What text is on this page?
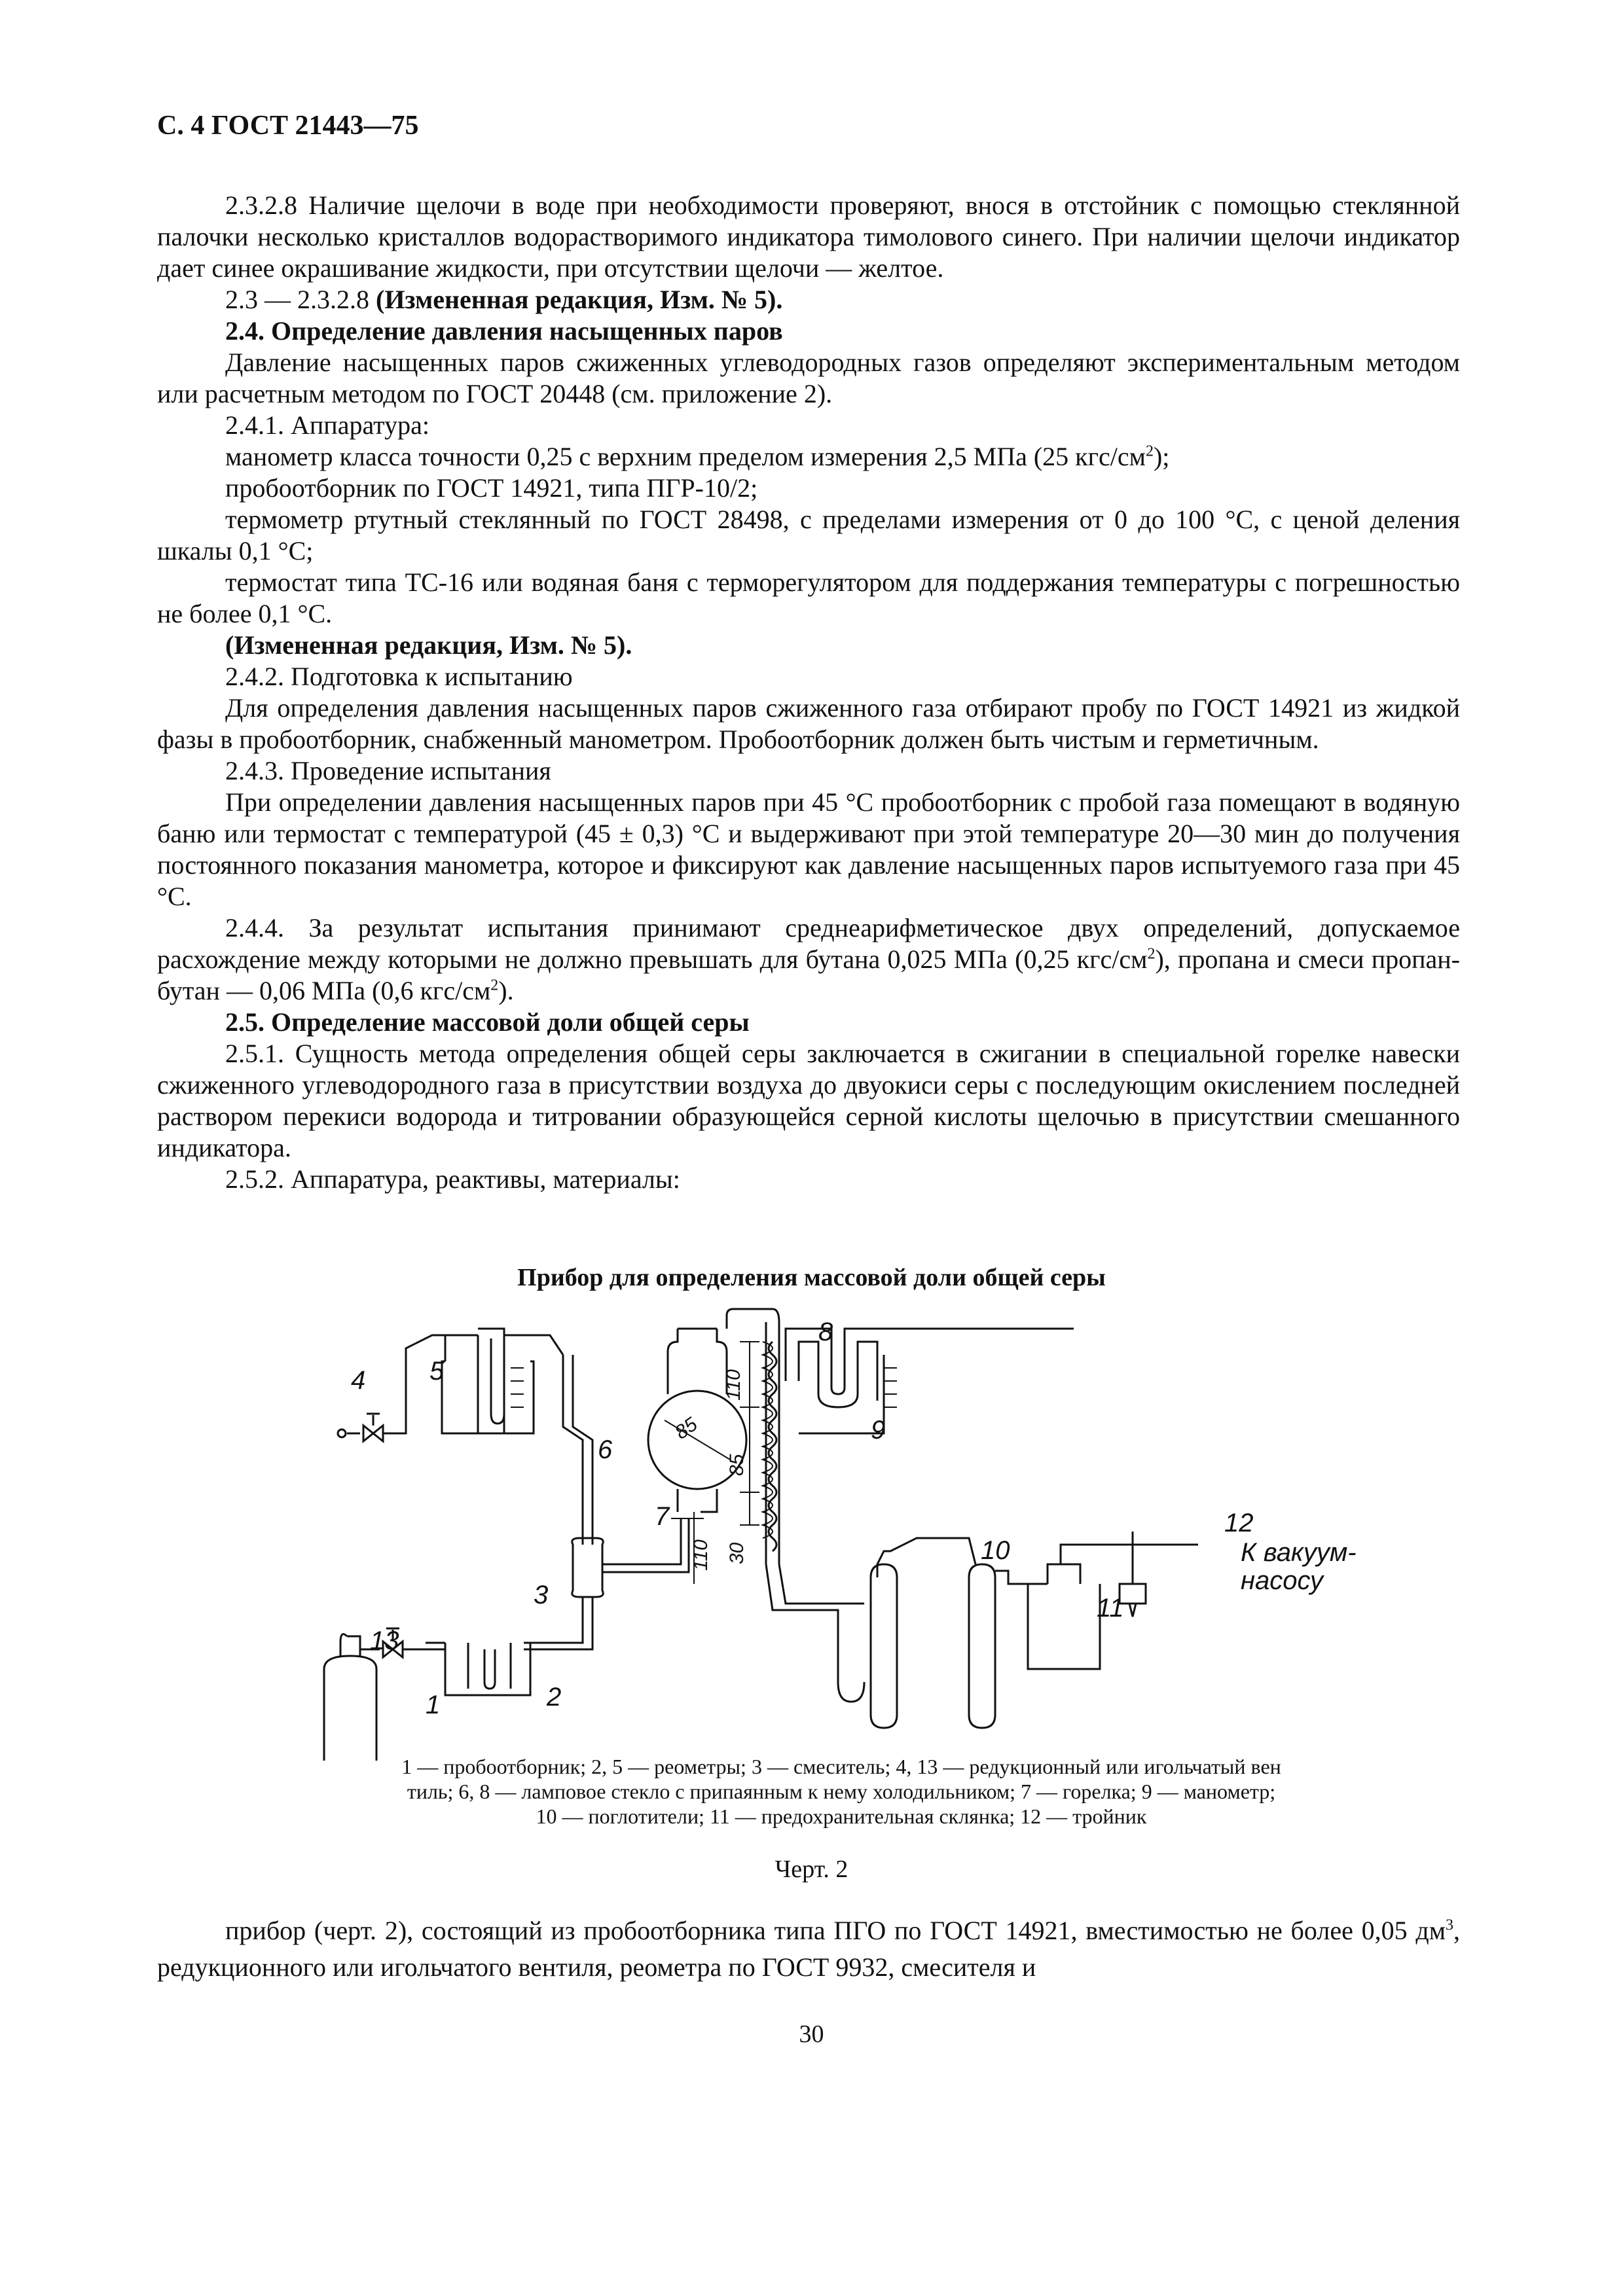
С. 4 ГОСТ 21443—75

2.3.2.8 Наличие щелочи в воде при необходимости проверяют, внося в отстойник с помощью стеклянной палочки несколько кристаллов водорастворимого индикатора тимолового синего. При наличии щелочи индикатор дает синее окрашивание жидкости, при отсутствии щелочи — желтое.

2.3 — 2.3.2.8 (Измененная редакция, Изм. № 5).

2.4. Определение давления насыщенных паров

Давление насыщенных паров сжиженных углеводородных газов определяют экспериментальным методом или расчетным методом по ГОСТ 20448 (см. приложение 2).

2.4.1. Аппаратура:

манометр класса точности 0,25 с верхним пределом измерения 2,5 МПа (25 кгс/$см^2$);

пробоотборник по ГОСТ 14921, типа ПГР-10/2;

термометр ртутный стеклянный по ГОСТ 28498, с пределами измерения от 0 до 100 °С, с ценой деления шкалы 0,1 °С;

термостат типа ТС-16 или водяная баня с терморегулятором для поддержания температуры с погрешностью не более 0,1 °С.

(Измененная редакция, Изм. № 5).

2.4.2. Подготовка к испытанию

Для определения давления насыщенных паров сжиженного газа отбирают пробу по ГОСТ 14921 из жидкой фазы в пробоотборник, снабженный манометром. Пробоотборник должен быть чистым и герметичным.

2.4.3. Проведение испытания

При определении давления насыщенных паров при 45 °С пробоотборник с пробой газа помещают в водяную баню или термостат с температурой (45 ± 0,3) °С и выдерживают при этой температуре 20—30 мин до получения постоянного показания манометра, которое и фиксируют как давление насыщенных паров испытуемого газа при 45 °С.

2.4.4. За результат испытания принимают среднеарифметическое двух определений, допускаемое расхождение между которыми не должно превышать для бутана 0,025 МПа (0,25 кгс/$см^2$), пропана и смеси пропан-бутан — 0,06 МПа (0,6 кгс/$см^2$).

2.5. Определение массовой доли общей серы

2.5.1. Сущность метода определения общей серы заключается в сжигании в специальной горелке навески сжиженного углеводородного газа в присутствии воздуха до двуокиси серы с последующим окислением последней раствором перекиси водорода и титровании образующейся серной кислоты щелочью в присутствии смешанного индикатора.

2.5.2. Аппаратура, реактивы, материалы:

Прибор для определения массовой доли общей серы
4 5
3
13
1	2
6
7
8
9
10
11
12
К вакуум-
насосу
110
85
85
110 30
1 — пробоотборник; 2, 5 — реометры; 3 — смеситель; 4, 13 — редукционный или игольчатый вен
тиль; 6, 8 — ламповое стекло с припаянным к нему холодильником; 7 — горелка; 9 — манометр;
10 — поглотители; 11 — предохранительная склянка; 12 — тройник
Черт. 2

прибор (черт. 2), состоящий из пробоотборника типа ПГО по ГОСТ 14921, вместимостью не более 0,05 $дм^3$, редукционного или игольчатого вентиля, реометра по ГОСТ 9932, смесителя и

30
